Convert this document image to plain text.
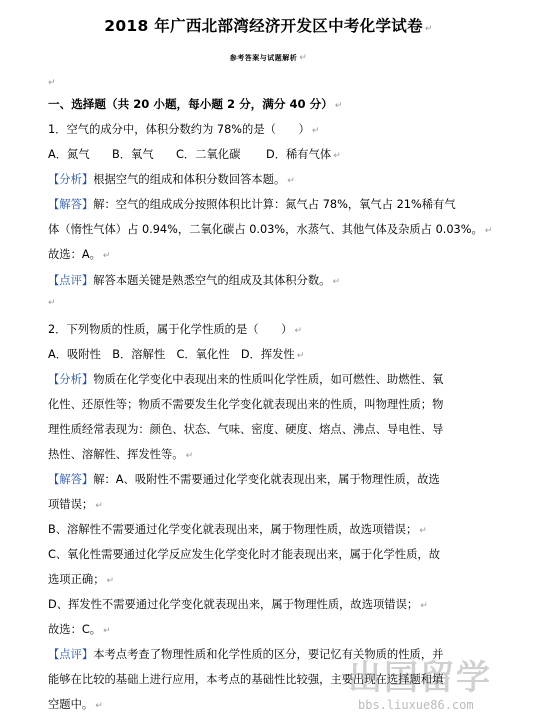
2018 年广西北部湾经济开发区中考化学试卷 ↵
参考答案与试题解析 ↵
↵
一、选择题（共 20 小题，每小题 2 分，满分 40 分） ↵
1．空气的成分中，体积分数约为 78%的是（　　） ↵
A．氮气 B．氧气 C．二氧化碳 D．稀有气体 ↵
【分析】根据空气的组成和体积分数回答本题。 ↵
【解答】解：空气的组成成分按照体积比计算：氮气占 78%，氧气占 21%稀有气
体（惰性气体）占 0.94%，二氧化碳占 0.03%，水蒸气、其他气体及杂质占 0.03%。 ↵
故选：A。 ↵
【点评】解答本题关键是熟悉空气的组成及其体积分数。 ↵
↵
2．下列物质的性质，属于化学性质的是（　　） ↵
A．吸附性　B．溶解性　C．氧化性　D．挥发性 ↵
【分析】物质在化学变化中表现出来的性质叫化学性质，如可燃性、助燃性、氧
化性、还原性等；物质不需要发生化学变化就表现出来的性质，叫物理性质；物
理性质经常表现为：颜色、状态、气味、密度、硬度、熔点、沸点、导电性、导
热性、溶解性、挥发性等。 ↵
【解答】解：A、吸附性不需要通过化学变化就表现出来，属于物理性质，故选
项错误； ↵
B、溶解性不需要通过化学变化就表现出来，属于物理性质，故选项错误； ↵
C、氧化性需要通过化学反应发生化学变化时才能表现出来，属于化学性质，故
选项正确； ↵
D、挥发性不需要通过化学变化就表现出来，属于物理性质，故选项错误； ↵
故选：C。 ↵
【点评】本考点考查了物理性质和化学性质的区分，要记忆有关物质的性质，并
能够在比较的基础上进行应用，本考点的基础性比较强，主要出现在选择题和填
空题中。 ↵
出国留学
bbs.liuxue86.com
